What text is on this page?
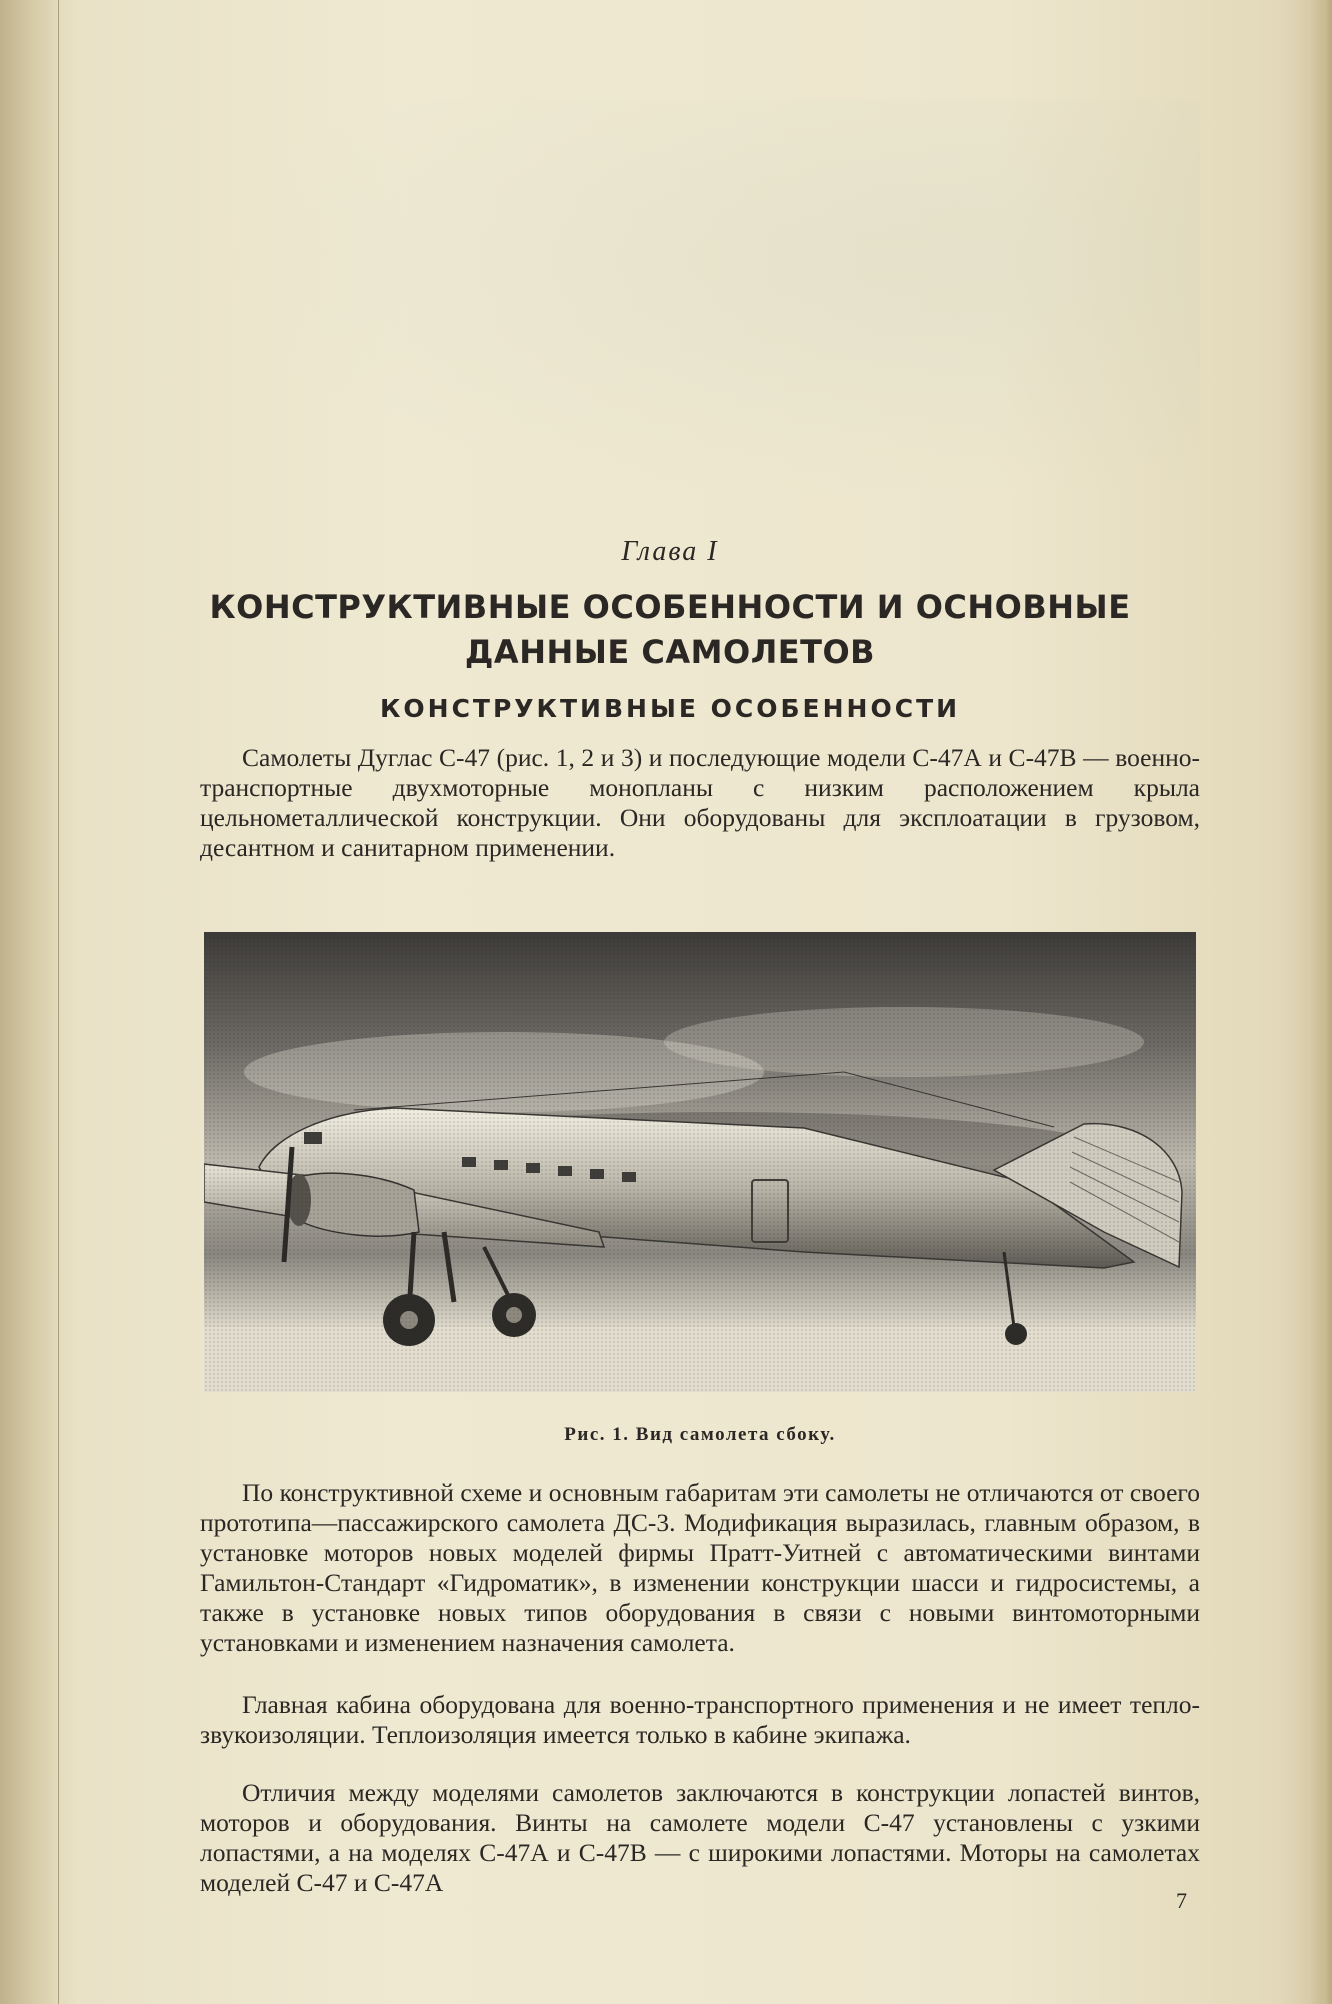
Глава I
КОНСТРУКТИВНЫЕ ОСОБЕННОСТИ И ОСНОВНЫЕ ДАННЫЕ САМОЛЕТОВ
КОНСТРУКТИВНЫЕ ОСОБЕННОСТИ
Самолеты Дуглас С-47 (рис. 1, 2 и 3) и последующие модели С-47А и С-47В — военно-транспортные двухмоторные монопланы с низким расположением крыла цельнометаллической конструкции. Они оборудованы для эксплоатации в грузовом, десантном и санитарном применении.
Рис. 1. Вид самолета сбоку.
По конструктивной схеме и основным габаритам эти самолеты не отличаются от своего прототипа—пассажирского самолета ДС-3. Модификация выразилась, главным образом, в установке моторов новых моделей фирмы Пратт-Уитней с автоматическими винтами Гамильтон-Стандарт «Гидроматик», в изменении конструкции шасси и гидросистемы, а также в установке новых типов оборудования в связи с новыми винтомоторными установками и изменением назначения самолета.
Главная кабина оборудована для военно-транспортного применения и не имеет тепло-звукоизоляции. Теплоизоляция имеется только в кабине экипажа.
Отличия между моделями самолетов заключаются в конструкции лопастей винтов, моторов и оборудования. Винты на самолете модели С-47 установлены с узкими лопастями, а на моделях С-47А и С-47В — с широкими лопастями. Моторы на самолетах моделей С-47 и С-47А
7
